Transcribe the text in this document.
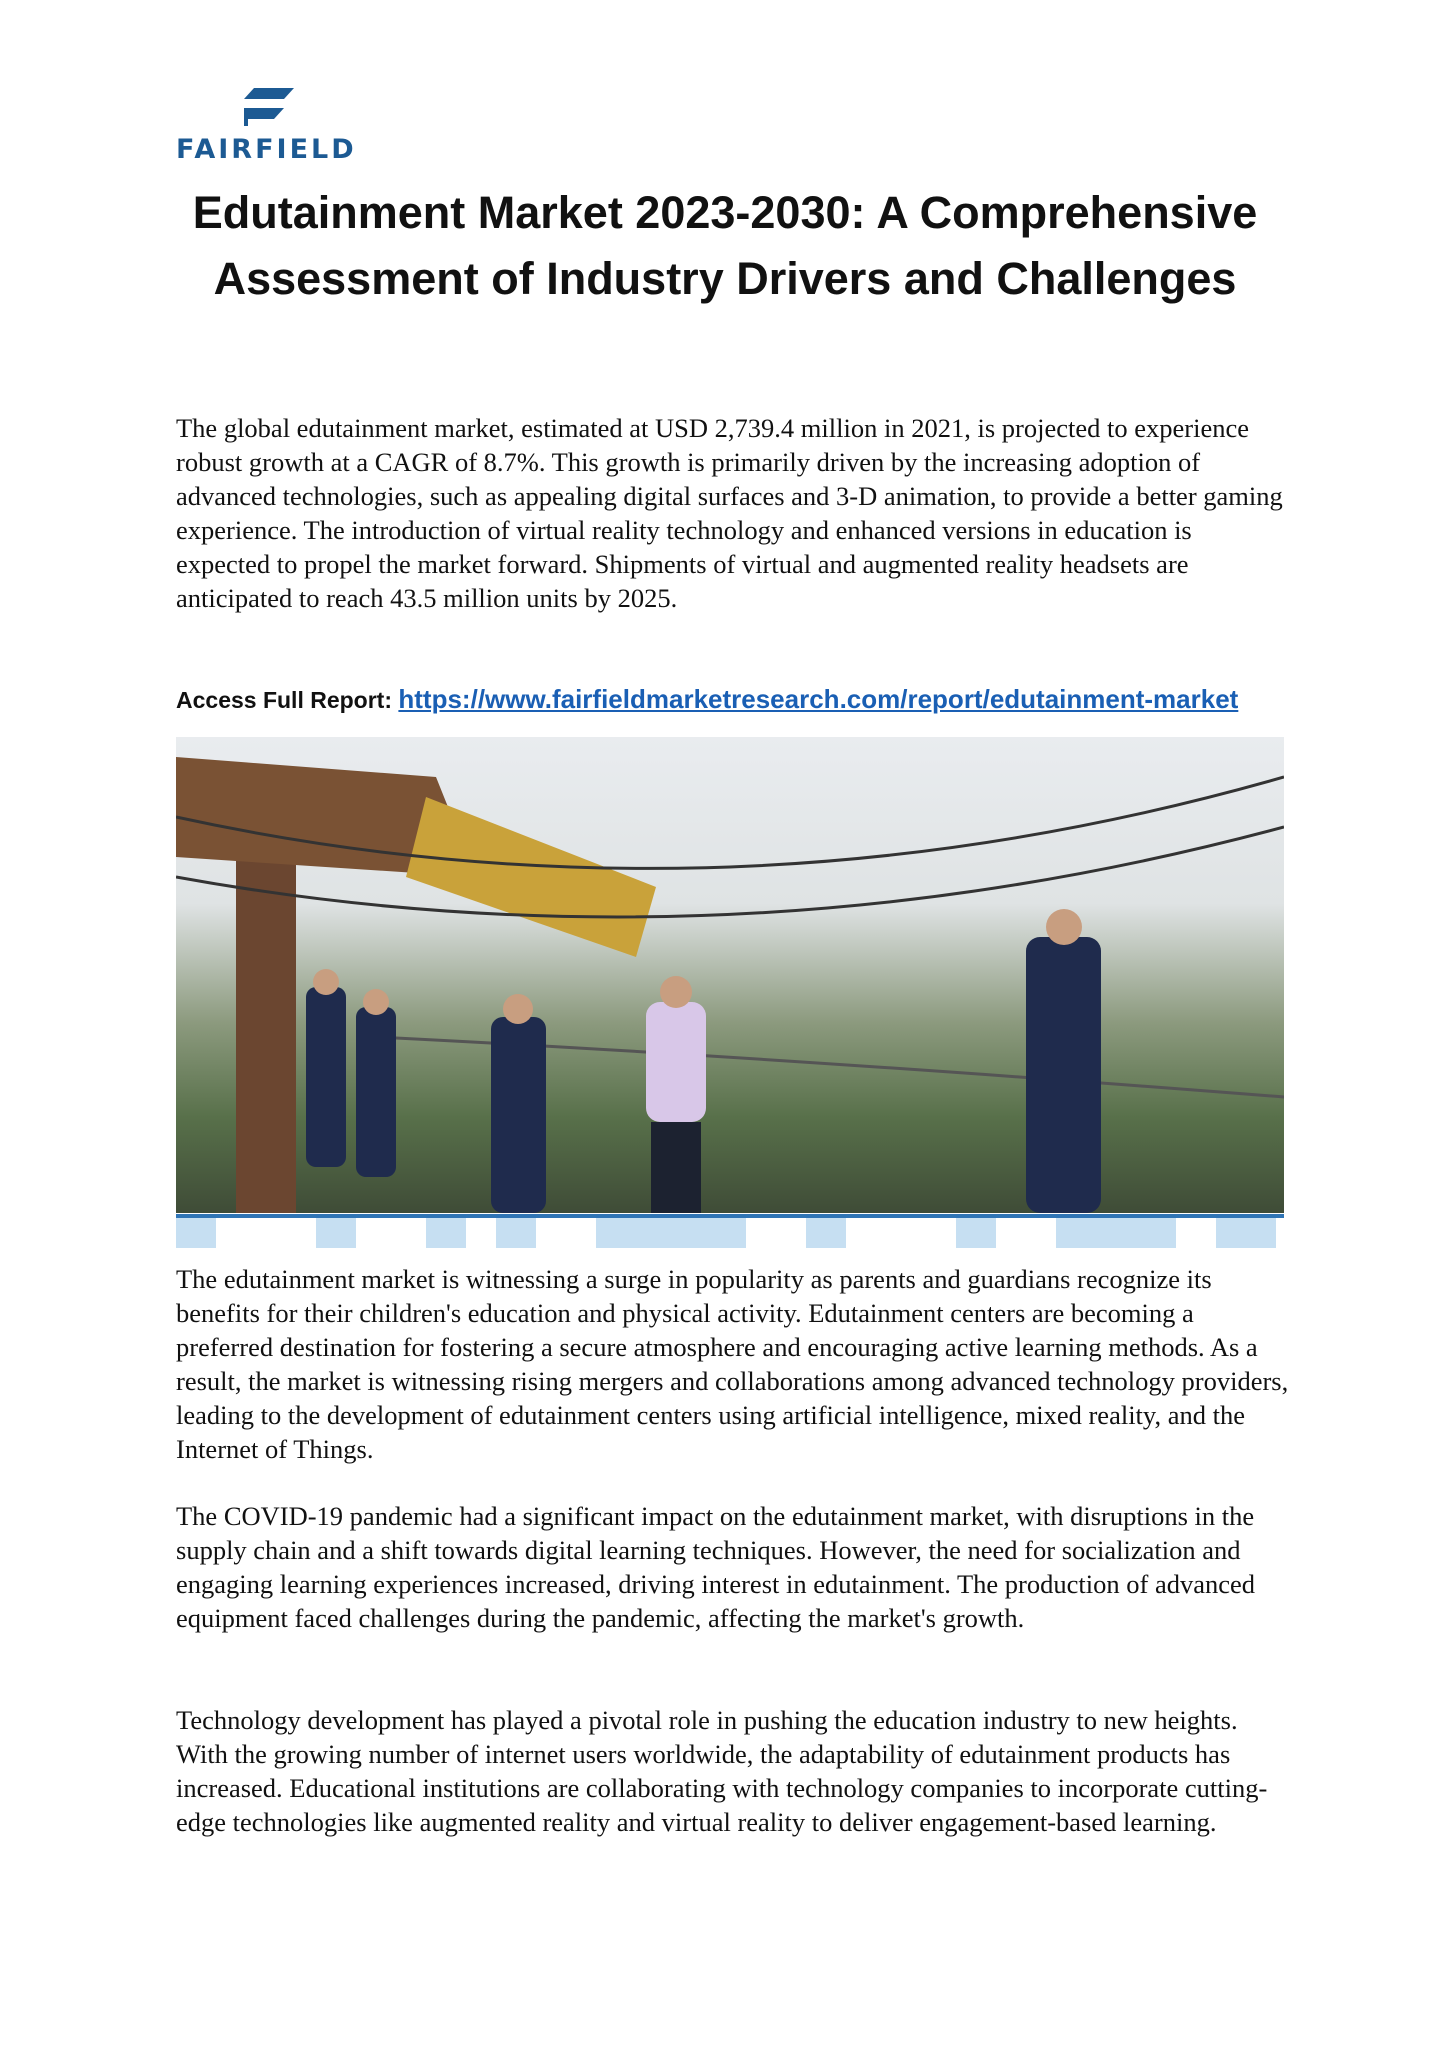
FAIRFIELD
Edutainment Market 2023-2030: A Comprehensive Assessment of Industry Drivers and Challenges

The global edutainment market, estimated at USD 2,739.4 million in 2021, is projected to experience robust growth at a CAGR of 8.7%. This growth is primarily driven by the increasing adoption of advanced technologies, such as appealing digital surfaces and 3-D animation, to provide a better gaming experience. The introduction of virtual reality technology and enhanced versions in education is expected to propel the market forward. Shipments of virtual and augmented reality headsets are anticipated to reach 43.5 million units by 2025.

Access Full Report: https://www.fairfieldmarketresearch.com/report/edutainment-market

The edutainment market is witnessing a surge in popularity as parents and guardians recognize its benefits for their children's education and physical activity. Edutainment centers are becoming a preferred destination for fostering a secure atmosphere and encouraging active learning methods. As a result, the market is witnessing rising mergers and collaborations among advanced technology providers, leading to the development of edutainment centers using artificial intelligence, mixed reality, and the Internet of Things.

The COVID-19 pandemic had a significant impact on the edutainment market, with disruptions in the supply chain and a shift towards digital learning techniques. However, the need for socialization and engaging learning experiences increased, driving interest in edutainment. The production of advanced equipment faced challenges during the pandemic, affecting the market's growth.

Technology development has played a pivotal role in pushing the education industry to new heights. With the growing number of internet users worldwide, the adaptability of edutainment products has increased. Educational institutions are collaborating with technology companies to incorporate cutting-edge technologies like augmented reality and virtual reality to deliver engagement-based learning.
